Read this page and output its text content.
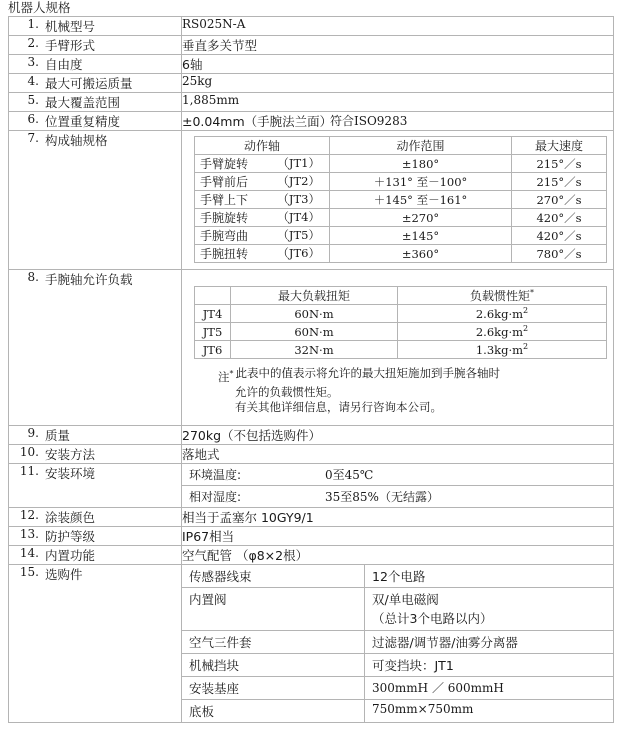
机器人规格
1. 机械型号	RS025N-A

2. 手臂形式	垂直多关节型

3. 自由度	6轴

4. 最大可搬运质量	25kg

5. 最大覆盖范围	1,885mm

6. 位置重复精度	±0.04mm（手腕法兰面）
符合ISO9283

7. 构成轴规格
		动作轴	动作范围	最大速度

手臂旋转	（JT1）	±180°	215°／s

手臂前后	（JT2）	＋131° 至－100°	215°／s

手臂上下	（JT3）	＋145° 至－161°	270°／s

手腕旋转	（JT4）	±270°	420°／s

手腕弯曲	（JT5）	±145°	420°／s

手腕扭转	（JT6）	±360°	780°／s

8. 手腕轴允许负载

	最大负载扭矩	负载惯性矩*
JT4	60N·m	$2.6kg\cdot m^2$
JT5	60N·m	$2.6kg\cdot m^2$
JT6	32N·m	$1.3kg\cdot m^2$
注* 此表中的值表示将允许的最大扭矩施加到手腕各轴时
允许的负载惯性矩。
有关其他详细信息，请另行咨询本公司。

9. 质量	270kg（不包括选购件）

10. 安装方法	落地式

11. 安装环境	环境温度:	0至45℃
相对湿度:	35至85%（无结露）

12. 涂装颜色	相当于孟塞尔 10GY9/1

13. 防护等级	IP67相当

14. 内置功能	空气配管 （φ8×2根）

15. 选购件
		传感器线束	12个电路
内置阀	双/单电磁阀
（总计3个电路以内）

空气三件套	过滤器/调节器/油雾分离器
机械挡块	可变挡块：JT1
安装基座	300mmH ／ 600mmH
底板	750mm×750mm
